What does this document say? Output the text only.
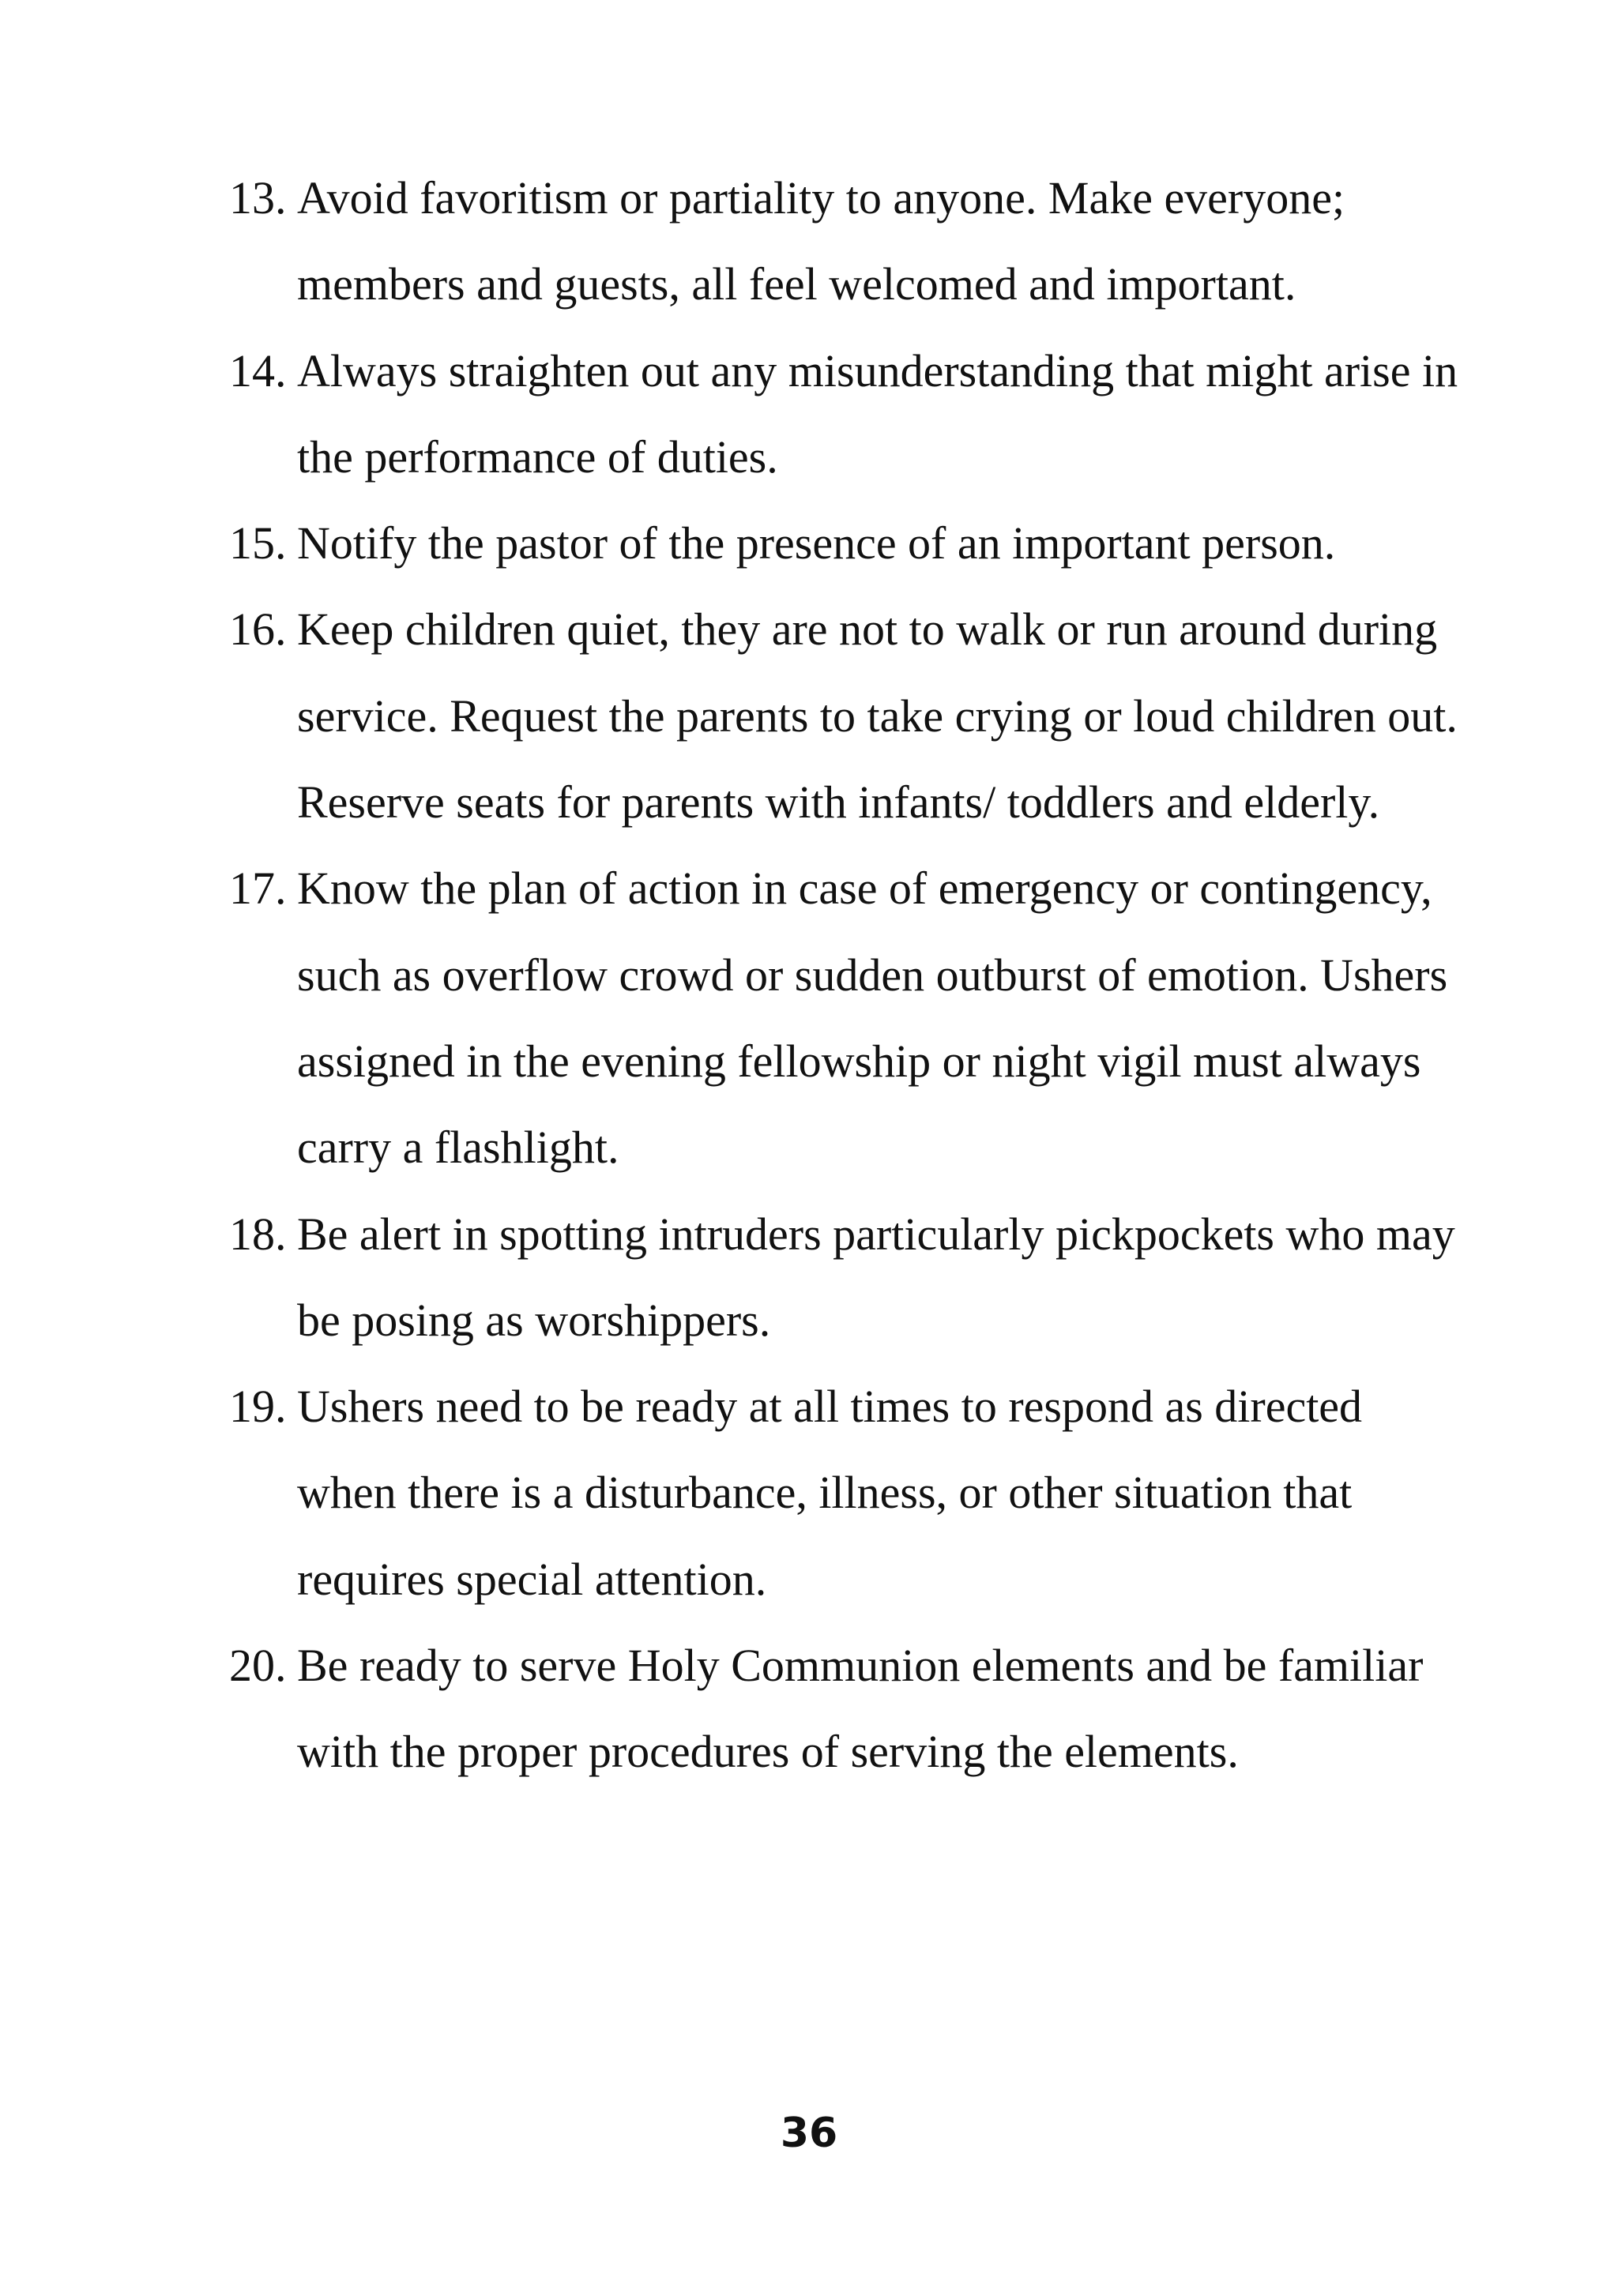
13. Avoid favoritism or partiality to anyone. Make everyone; members and guests, all feel welcomed and important.
14. Always straighten out any misunderstanding that might arise in the performance of duties.
15. Notify the pastor of the presence of an important person.
16. Keep children quiet, they are not to walk or run around during service. Request the parents to take crying or loud children out. Reserve seats for parents with infants/ toddlers and elderly.
17. Know the plan of action in case of emergency or contingency, such as overflow crowd or sudden outburst of emotion. Ushers assigned in the evening fellowship or night vigil must always carry a flashlight.
18. Be alert in spotting intruders particularly pickpockets who may be posing as worshippers.
19. Ushers need to be ready at all times to respond as directed when there is a disturbance, illness, or other situation that requires special attention.
20. Be ready to serve Holy Communion elements and be familiar with the proper procedures of serving the elements.
36
